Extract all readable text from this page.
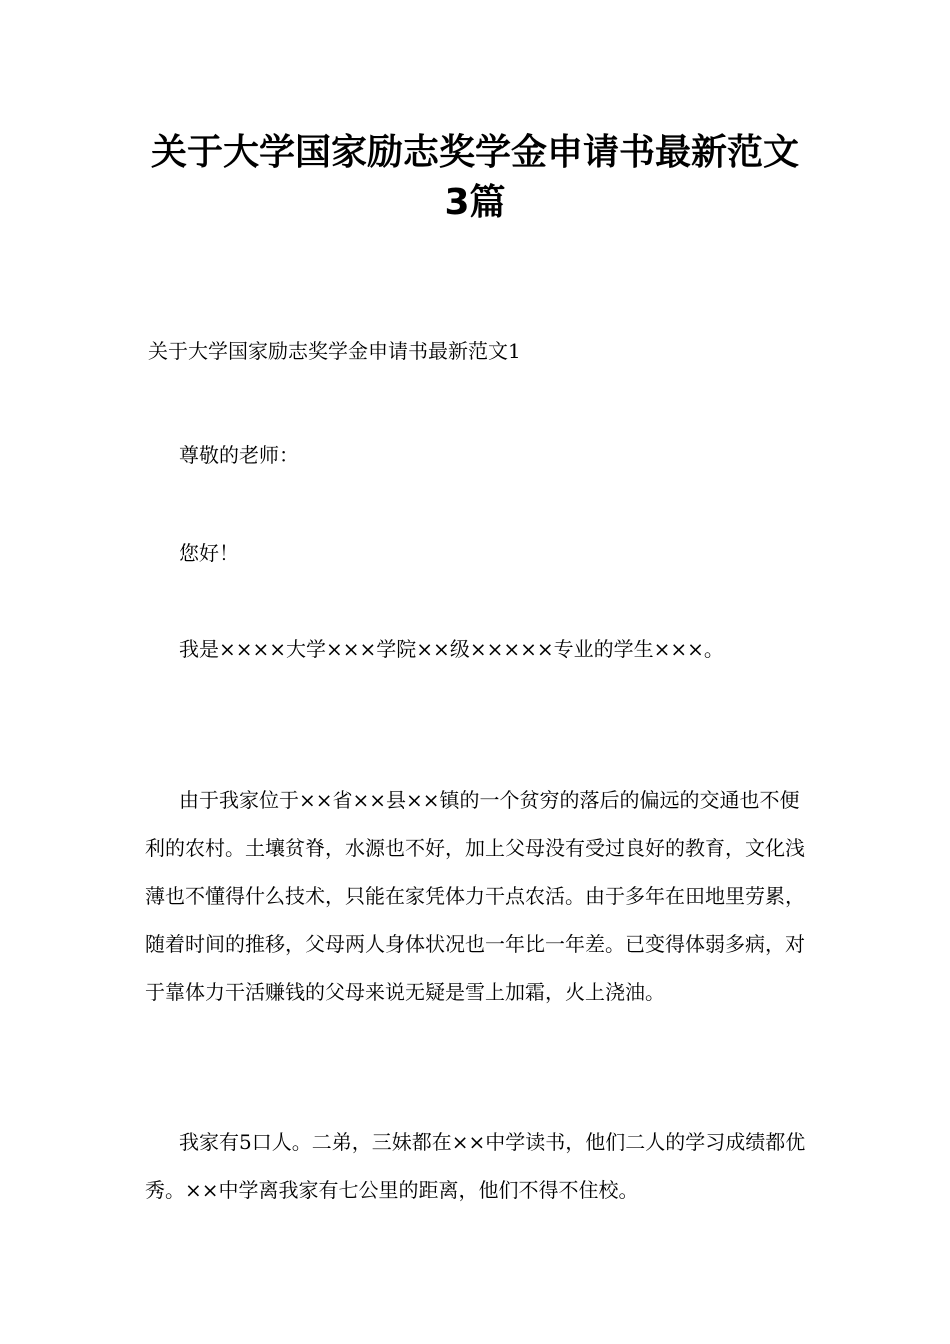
关于大学国家励志奖学金申请书最新范文3篇

关于大学国家励志奖学金申请书最新范文1

尊敬的老师：

您好！

我是××××大学×××学院××级×××××专业的学生×××。

由于我家位于××省××县××镇的一个贫穷的落后的偏远的交通也不便利的农村。土壤贫脊，水源也不好，加上父母没有受过良好的教育，文化浅薄也不懂得什么技术，只能在家凭体力干点农活。由于多年在田地里劳累，随着时间的推移，父母两人身体状况也一年比一年差。已变得体弱多病，对于靠体力干活赚钱的父母来说无疑是雪上加霜，火上浇油。

我家有5口人。二弟，三妹都在××中学读书，他们二人的学习成绩都优秀。××中学离我家有七公里的距离，他们不得不住校。
